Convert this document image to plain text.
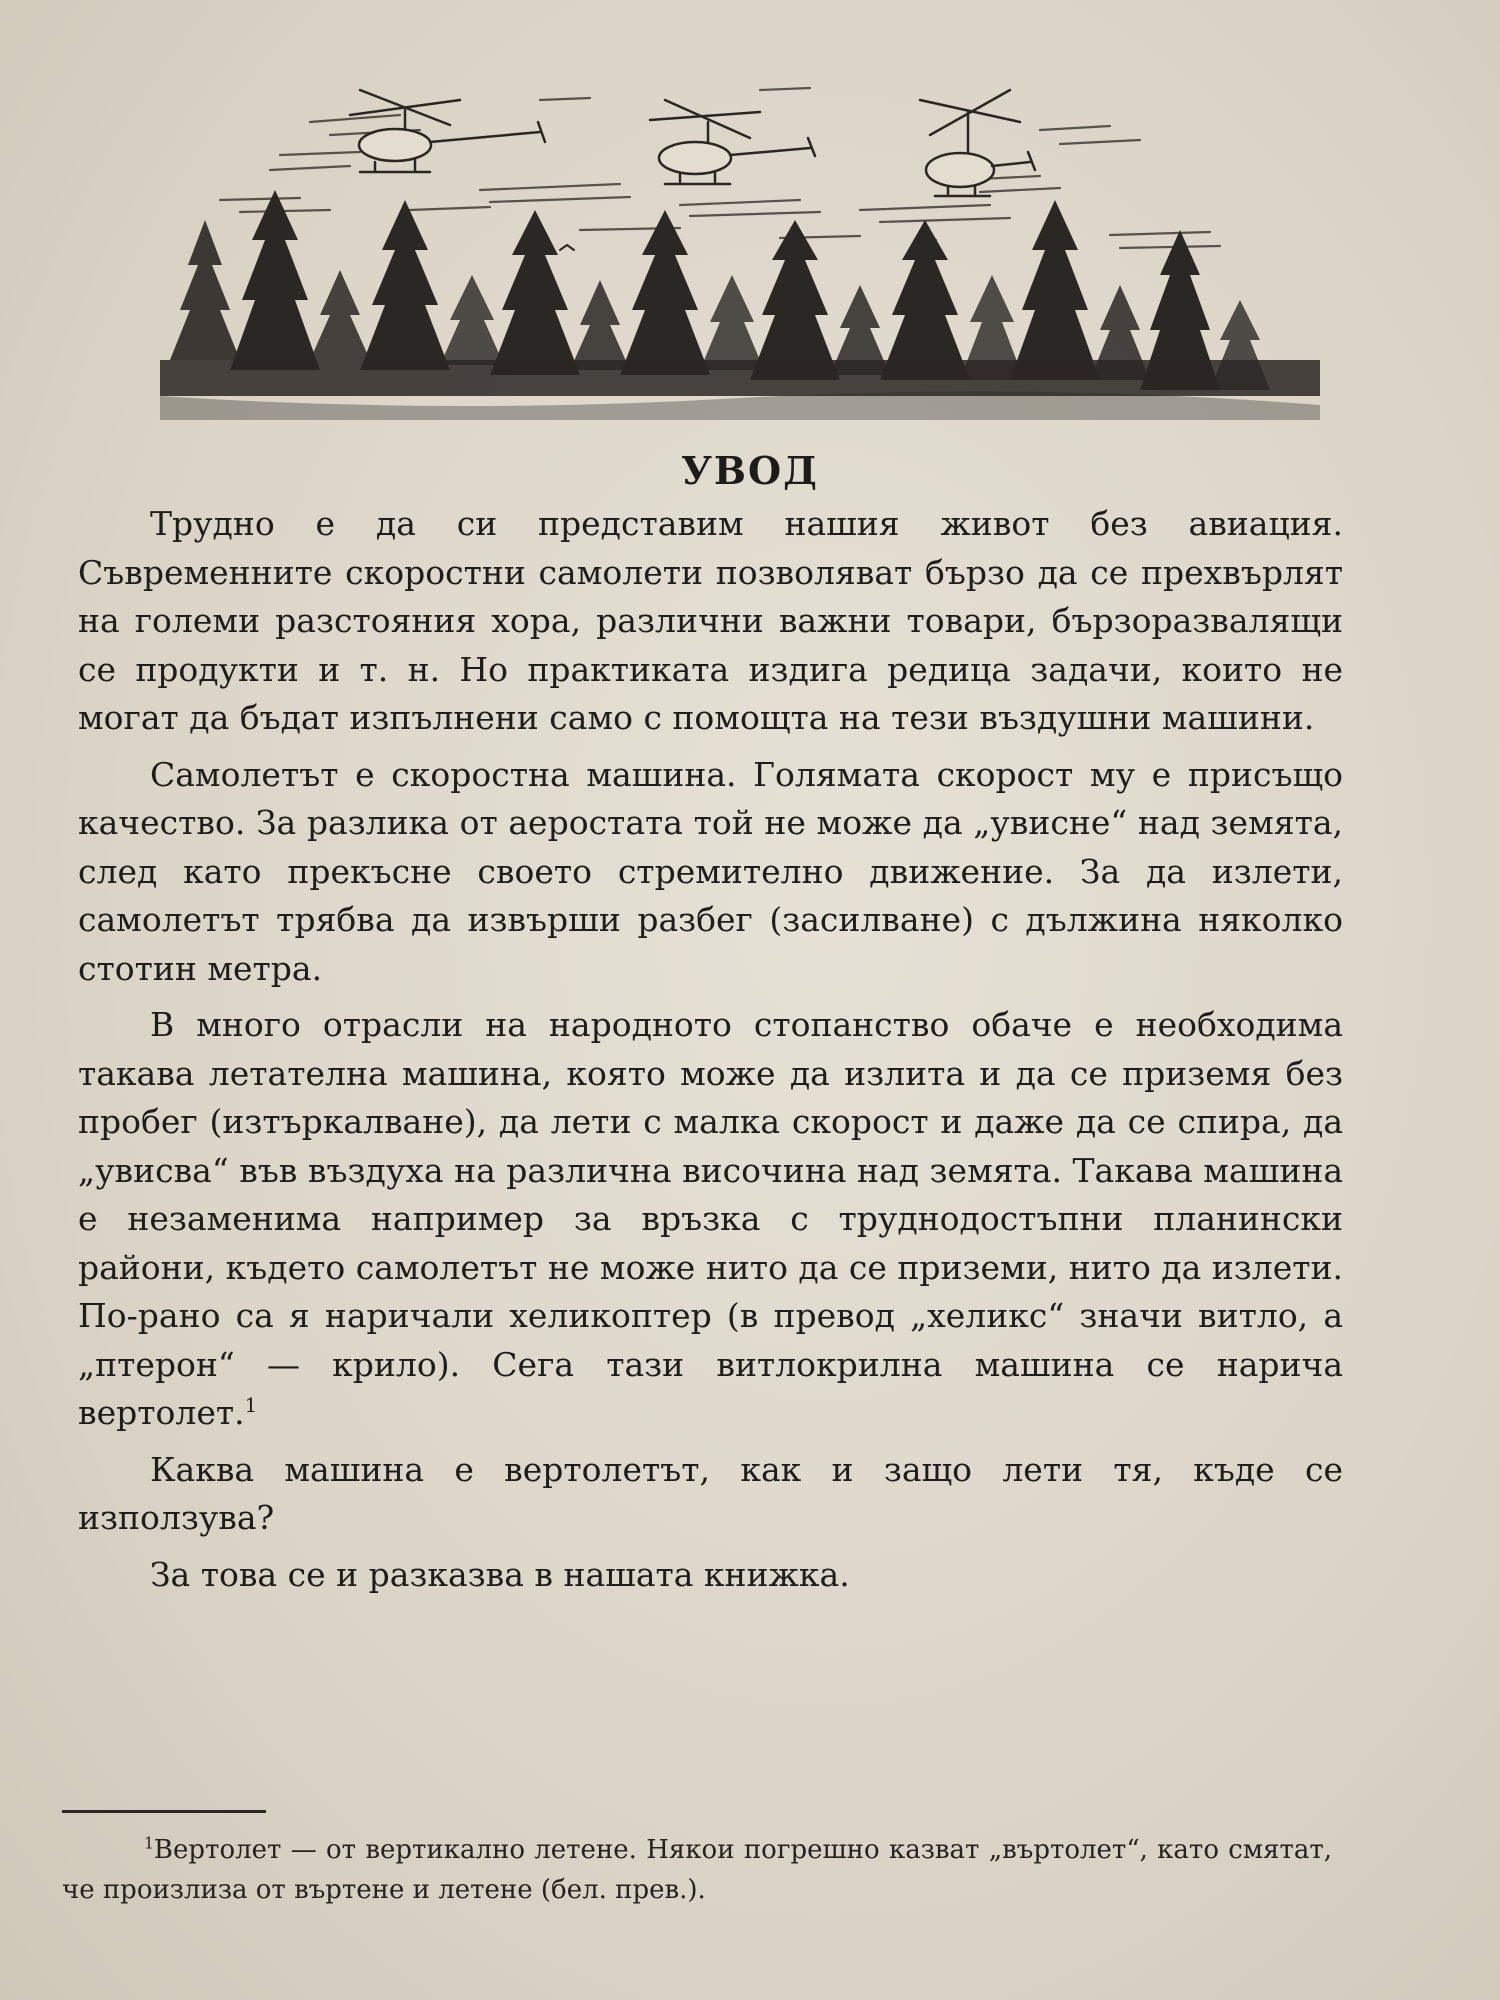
УВОД

Трудно е да си представим нашия живот без авиация. Съвременните скоростни самолети позволяват бързо да се прехвърлят на големи разстояния хора, различни важни товари, бързоразвалящи се продукти и т. н. Но практиката издига редица задачи, които не могат да бъдат изпълнени само с помощта на тези въздушни машини.

Самолетът е скоростна машина. Голямата скорост му е присъщо качество. За разлика от аеростата той не може да „увисне“ над земята, след като прекъсне своето стремително движение. За да излети, самолетът трябва да извърши разбег (засилване) с дължина няколко стотин метра.

В много отрасли на народното стопанство обаче е необходима такава летателна машина, която може да излита и да се приземя без пробег (изтъркалване), да лети с малка скорост и даже да се спира, да „увисва“ във въздуха на различна височина над земята. Такава машина е незаменима например за връзка с труднодостъпни планински райони, където самолетът не може нито да се приземи, нито да излети. По-рано са я наричали хеликоптер (в превод „хеликс“ значи витло, а „птерон“ — крило). Сега тази витлокрилна машина се нарича вертолет.$^1$

Каква машина е вертолетът, как и защо лети тя, къде се използува?

За това се и разказва в нашата книжка.

$^1$Вертолет — от вертикално летене. Някои погрешно казват „въртолет“, като смятат, че произлиза от въртене и летене (бел. прев.).
